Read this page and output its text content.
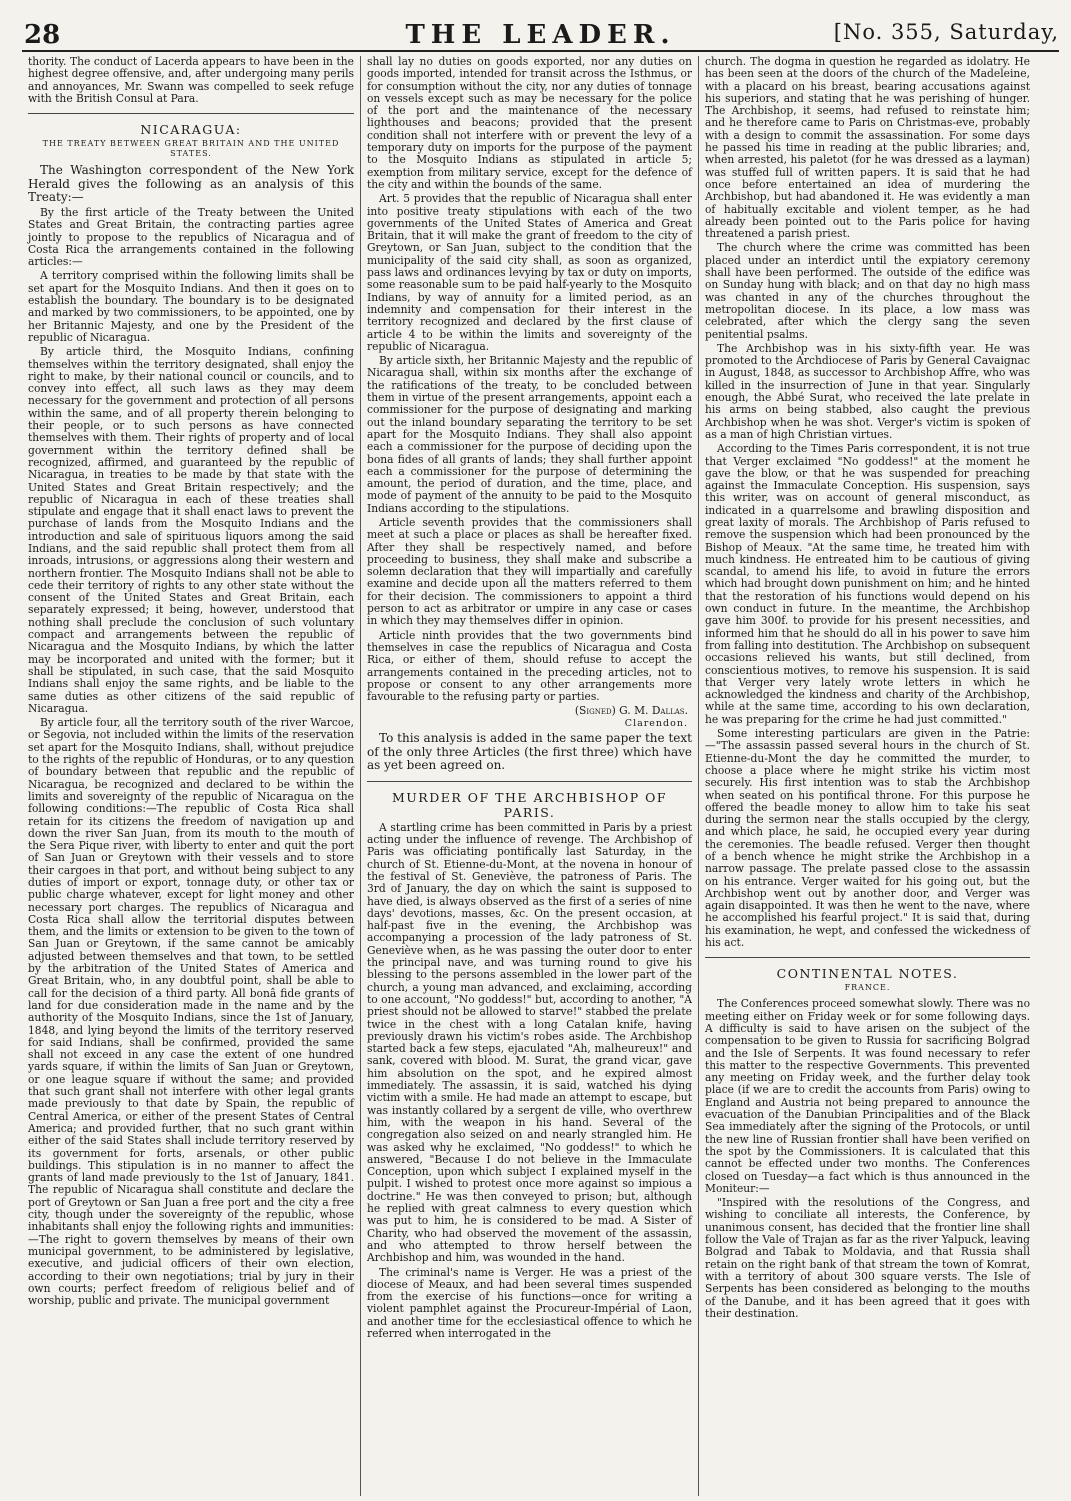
28	THE LEADER.	[No. 355, Saturday,

thority. The conduct of Lacerda appears to have been in the highest degree offensive, and, after undergoing many perils and annoyances, Mr. Swann was compelled to seek refuge with the British Consul at Para.

NICARAGUA:
THE TREATY BETWEEN GREAT BRITAIN AND THE UNITED STATES.

The Washington correspondent of the New York Herald gives the following as an analysis of this Treaty:—

By the first article of the Treaty between the United States and Great Britain, the contracting parties agree jointly to propose to the republics of Nicaragua and of Costa Rica the arrangements contained in the following articles:—

A territory comprised within the following limits shall be set apart for the Mosquito Indians. And then it goes on to establish the boundary. The boundary is to be designated and marked by two commissioners, to be appointed, one by her Britannic Majesty, and one by the President of the republic of Nicaragua.

By article third, the Mosquito Indians, confining themselves within the territory designated, shall enjoy the right to make, by their national council or councils, and to convey into effect, all such laws as they may deem necessary for the government and protection of all persons within the same, and of all property therein belonging to their people, or to such persons as have connected themselves with them. Their rights of property and of local government within the territory defined shall be recognized, affirmed, and guaranteed by the republic of Nicaragua, in treaties to be made by that state with the United States and Great Britain respectively; and the republic of Nicaragua in each of these treaties shall stipulate and engage that it shall enact laws to prevent the purchase of lands from the Mosquito Indians and the introduction and sale of spirituous liquors among the said Indians, and the said republic shall protect them from all inroads, intrusions, or aggressions along their western and northern frontier. The Mosquito Indians shall not be able to cede their territory of rights to any other state without the consent of the United States and Great Britain, each separately expressed; it being, however, understood that nothing shall preclude the conclusion of such voluntary compact and arrangements between the republic of Nicaragua and the Mosquito Indians, by which the latter may be incorporated and united with the former; but it shall be stipulated, in such case, that the said Mosquito Indians shall enjoy the same rights, and be liable to the same duties as other citizens of the said republic of Nicaragua.

By article four, all the territory south of the river Warcoe, or Segovia, not included within the limits of the reservation set apart for the Mosquito Indians, shall, without prejudice to the rights of the republic of Honduras, or to any question of boundary between that republic and the republic of Nicaragua, be recognized and declared to be within the limits and sovereignty of the republic of Nicaragua on the following conditions:—The republic of Costa Rica shall retain for its citizens the freedom of navigation up and down the river San Juan, from its mouth to the mouth of the Sera Pique river, with liberty to enter and quit the port of San Juan or Greytown with their vessels and to store their cargoes in that port, and without being subject to any duties of import or export, tonnage duty, or other tax or public charge whatever, except for light money and other necessary port charges. The republics of Nicaragua and Costa Rica shall allow the territorial disputes between them, and the limits or extension to be given to the town of San Juan or Greytown, if the same cannot be amicably adjusted between themselves and that town, to be settled by the arbitration of the United States of America and Great Britain, who, in any doubtful point, shall be able to call for the decision of a third party. All bonâ fide grants of land for due consideration made in the name and by the authority of the Mosquito Indians, since the 1st of January, 1848, and lying beyond the limits of the territory reserved for said Indians, shall be confirmed, provided the same shall not exceed in any case the extent of one hundred yards square, if within the limits of San Juan or Greytown, or one league square if without the same; and provided that such grant shall not interfere with other legal grants made previously to that date by Spain, the republic of Central America, or either of the present States of Central America; and provided further, that no such grant within either of the said States shall include territory reserved by its government for forts, arsenals, or other public buildings. This stipulation is in no manner to affect the grants of land made previously to the 1st of January, 1841. The republic of Nicaragua shall constitute and declare the port of Greytown or San Juan a free port and the city a free city, though under the sovereignty of the republic, whose inhabitants shall enjoy the following rights and immunities:—The right to govern themselves by means of their own municipal government, to be administered by legislative, executive, and judicial officers of their own election, according to their own negotiations; trial by jury in their own courts; perfect freedom of religious belief and of worship, public and private. The municipal government

shall lay no duties on goods exported, nor any duties on goods imported, intended for transit across the Isthmus, or for consumption without the city, nor any duties of tonnage on vessels except such as may be necessary for the police of the port and the maintenance of the necessary lighthouses and beacons; provided that the present condition shall not interfere with or prevent the levy of a temporary duty on imports for the purpose of the payment to the Mosquito Indians as stipulated in article 5; exemption from military service, except for the defence of the city and within the bounds of the same.

Art. 5 provides that the republic of Nicaragua shall enter into positive treaty stipulations with each of the two governments of the United States of America and Great Britain, that it will make the grant of freedom to the city of Greytown, or San Juan, subject to the condition that the municipality of the said city shall, as soon as organized, pass laws and ordinances levying by tax or duty on imports, some reasonable sum to be paid half-yearly to the Mosquito Indians, by way of annuity for a limited period, as an indemnity and compensation for their interest in the territory recognized and declared by the first clause of article 4 to be within the limits and sovereignty of the republic of Nicaragua.

By article sixth, her Britannic Majesty and the republic of Nicaragua shall, within six months after the exchange of the ratifications of the treaty, to be concluded between them in virtue of the present arrangements, appoint each a commissioner for the purpose of designating and marking out the inland boundary separating the territory to be set apart for the Mosquito Indians. They shall also appoint each a commissioner for the purpose of deciding upon the bona fides of all grants of lands; they shall further appoint each a commissioner for the purpose of determining the amount, the period of duration, and the time, place, and mode of payment of the annuity to be paid to the Mosquito Indians according to the stipulations.

Article seventh provides that the commissioners shall meet at such a place or places as shall be hereafter fixed. After they shall be respectively named, and before proceeding to business, they shall make and subscribe a solemn declaration that they will impartially and carefully examine and decide upon all the matters referred to them for their decision. The commissioners to appoint a third person to act as arbitrator or umpire in any case or cases in which they may themselves differ in opinion.

Article ninth provides that the two governments bind themselves in case the republics of Nicaragua and Costa Rica, or either of them, should refuse to accept the arrangements contained in the preceding articles, not to propose or consent to any other arrangements more favourable to the refusing party or parties.

(Signed) G. M. Dallas.
Clarendon.

To this analysis is added in the same paper the text of the only three Articles (the first three) which have as yet been agreed on.

MURDER OF THE ARCHBISHOP OF PARIS.

A startling crime has been committed in Paris by a priest acting under the influence of revenge. The Archbishop of Paris was officiating pontifically last Saturday, in the church of St. Etienne-du-Mont, at the novena in honour of the festival of St. Geneviève, the patroness of Paris. The 3rd of January, the day on which the saint is supposed to have died, is always observed as the first of a series of nine days' devotions, masses, &c. On the present occasion, at half-past five in the evening, the Archbishop was accompanying a procession of the lady patroness of St. Geneviève when, as he was passing the outer door to enter the principal nave, and was turning round to give his blessing to the persons assembled in the lower part of the church, a young man advanced, and exclaiming, according to one account, "No goddess!" but, according to another, "A priest should not be allowed to starve!" stabbed the prelate twice in the chest with a long Catalan knife, having previously drawn his victim's robes aside. The Archbishop started back a few steps, ejaculated "Ah, malheureux!" and sank, covered with blood. M. Surat, the grand vicar, gave him absolution on the spot, and he expired almost immediately. The assassin, it is said, watched his dying victim with a smile. He had made an attempt to escape, but was instantly collared by a sergent de ville, who overthrew him, with the weapon in his hand. Several of the congregation also seized on and nearly strangled him. He was asked why he exclaimed, "No goddess!" to which he answered, "Because I do not believe in the Immaculate Conception, upon which subject I explained myself in the pulpit. I wished to protest once more against so impious a doctrine." He was then conveyed to prison; but, although he replied with great calmness to every question which was put to him, he is considered to be mad. A Sister of Charity, who had observed the movement of the assassin, and who attempted to throw herself between the Archbishop and him, was wounded in the hand.

The criminal's name is Verger. He was a priest of the diocese of Meaux, and had been several times suspended from the exercise of his functions—once for writing a violent pamphlet against the Procureur-Impérial of Laon, and another time for the ecclesiastical offence to which he referred when interrogated in the

church. The dogma in question he regarded as idolatry. He has been seen at the doors of the church of the Madeleine, with a placard on his breast, bearing accusations against his superiors, and stating that he was perishing of hunger. The Archbishop, it seems, had refused to reinstate him; and he therefore came to Paris on Christmas-eve, probably with a design to commit the assassination. For some days he passed his time in reading at the public libraries; and, when arrested, his paletot (for he was dressed as a layman) was stuffed full of written papers. It is said that he had once before entertained an idea of murdering the Archbishop, but had abandoned it. He was evidently a man of habitually excitable and violent temper, as he had already been pointed out to the Paris police for having threatened a parish priest.

The church where the crime was committed has been placed under an interdict until the expiatory ceremony shall have been performed. The outside of the edifice was on Sunday hung with black; and on that day no high mass was chanted in any of the churches throughout the metropolitan diocese. In its place, a low mass was celebrated, after which the clergy sang the seven penitential psalms.

The Archbishop was in his sixty-fifth year. He was promoted to the Archdiocese of Paris by General Cavaignac in August, 1848, as successor to Archbishop Affre, who was killed in the insurrection of June in that year. Singularly enough, the Abbé Surat, who received the late prelate in his arms on being stabbed, also caught the previous Archbishop when he was shot. Verger's victim is spoken of as a man of high Christian virtues.

According to the Times Paris correspondent, it is not true that Verger exclaimed "No goddess!" at the moment he gave the blow, or that he was suspended for preaching against the Immaculate Conception. His suspension, says this writer, was on account of general misconduct, as indicated in a quarrelsome and brawling disposition and great laxity of morals. The Archbishop of Paris refused to remove the suspension which had been pronounced by the Bishop of Meaux. "At the same time, he treated him with much kindness. He entreated him to be cautious of giving scandal, to amend his life, to avoid in future the errors which had brought down punishment on him; and he hinted that the restoration of his functions would depend on his own conduct in future. In the meantime, the Archbishop gave him 300f. to provide for his present necessities, and informed him that he should do all in his power to save him from falling into destitution. The Archbishop on subsequent occasions relieved his wants, but still declined, from conscientious motives, to remove his suspension. It is said that Verger very lately wrote letters in which he acknowledged the kindness and charity of the Archbishop, while at the same time, according to his own declaration, he was preparing for the crime he had just committed."

Some interesting particulars are given in the Patrie:—"The assassin passed several hours in the church of St. Etienne-du-Mont the day he committed the murder, to choose a place where he might strike his victim most securely. His first intention was to stab the Archbishop when seated on his pontifical throne. For this purpose he offered the beadle money to allow him to take his seat during the sermon near the stalls occupied by the clergy, and which place, he said, he occupied every year during the ceremonies. The beadle refused. Verger then thought of a bench whence he might strike the Archbishop in a narrow passage. The prelate passed close to the assassin on his entrance. Verger waited for his going out, but the Archbishop went out by another door, and Verger was again disappointed. It was then he went to the nave, where he accomplished his fearful project." It is said that, during his examination, he wept, and confessed the wickedness of his act.

CONTINENTAL NOTES.
FRANCE.

The Conferences proceed somewhat slowly. There was no meeting either on Friday week or for some following days. A difficulty is said to have arisen on the subject of the compensation to be given to Russia for sacrificing Bolgrad and the Isle of Serpents. It was found necessary to refer this matter to the respective Governments. This prevented any meeting on Friday week, and the further delay took place (if we are to credit the accounts from Paris) owing to England and Austria not being prepared to announce the evacuation of the Danubian Principalities and of the Black Sea immediately after the signing of the Protocols, or until the new line of Russian frontier shall have been verified on the spot by the Commissioners. It is calculated that this cannot be effected under two months. The Conferences closed on Tuesday—a fact which is thus announced in the Moniteur:—

"Inspired with the resolutions of the Congress, and wishing to conciliate all interests, the Conference, by unanimous consent, has decided that the frontier line shall follow the Vale of Trajan as far as the river Yalpuck, leaving Bolgrad and Tabak to Moldavia, and that Russia shall retain on the right bank of that stream the town of Komrat, with a territory of about 300 square versts. The Isle of Serpents has been considered as belonging to the mouths of the Danube, and it has been agreed that it goes with their destination.
